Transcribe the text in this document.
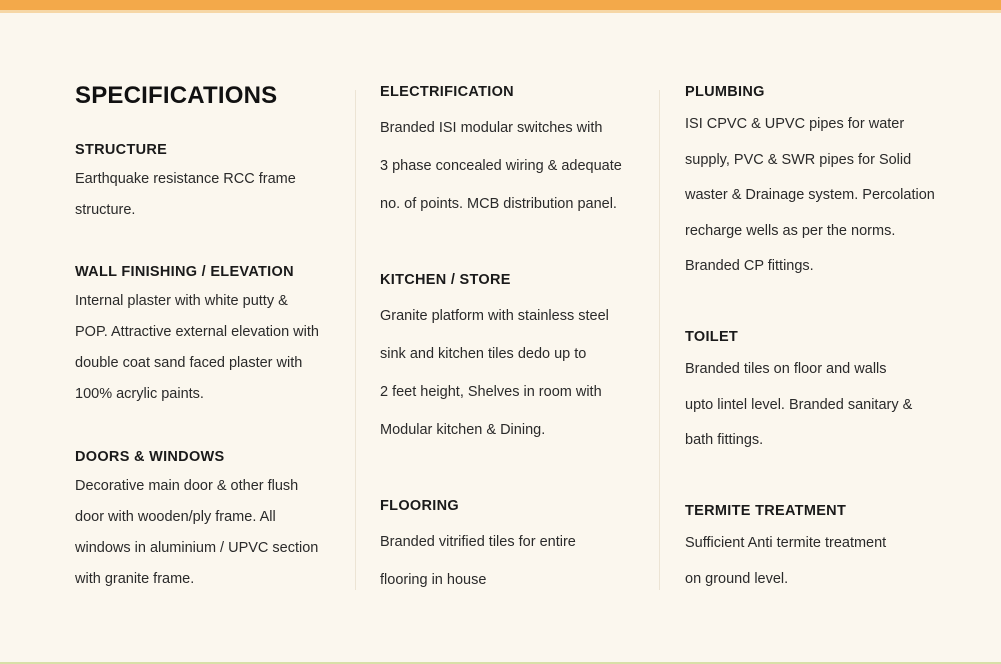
SPECIFICATIONS
STRUCTURE

Earthquake resistance RCC frame
structure.

WALL FINISHING / ELEVATION

Internal plaster with white putty &
POP. Attractive external elevation with
double coat sand faced plaster with
100% acrylic paints.

DOORS & WINDOWS

Decorative main door & other flush
door with wooden/ply frame. All
windows in aluminium / UPVC section
with granite frame.

ELECTRIFICATION

Branded ISI modular switches with
3 phase concealed wiring & adequate
no. of points. MCB distribution panel.

KITCHEN / STORE

Granite platform with stainless steel
sink and kitchen tiles dedo up to
2 feet height, Shelves in room with
Modular kitchen & Dining.

FLOORING

Branded vitrified tiles for entire
flooring in house

PLUMBING

ISI CPVC & UPVC pipes for water
supply, PVC & SWR pipes for Solid
waster & Drainage system. Percolation
recharge wells as per the norms.
Branded CP fittings.

TOILET

Branded tiles on floor and walls
upto lintel level. Branded sanitary &
bath fittings.

TERMITE TREATMENT

Sufficient Anti termite treatment
on ground level.
